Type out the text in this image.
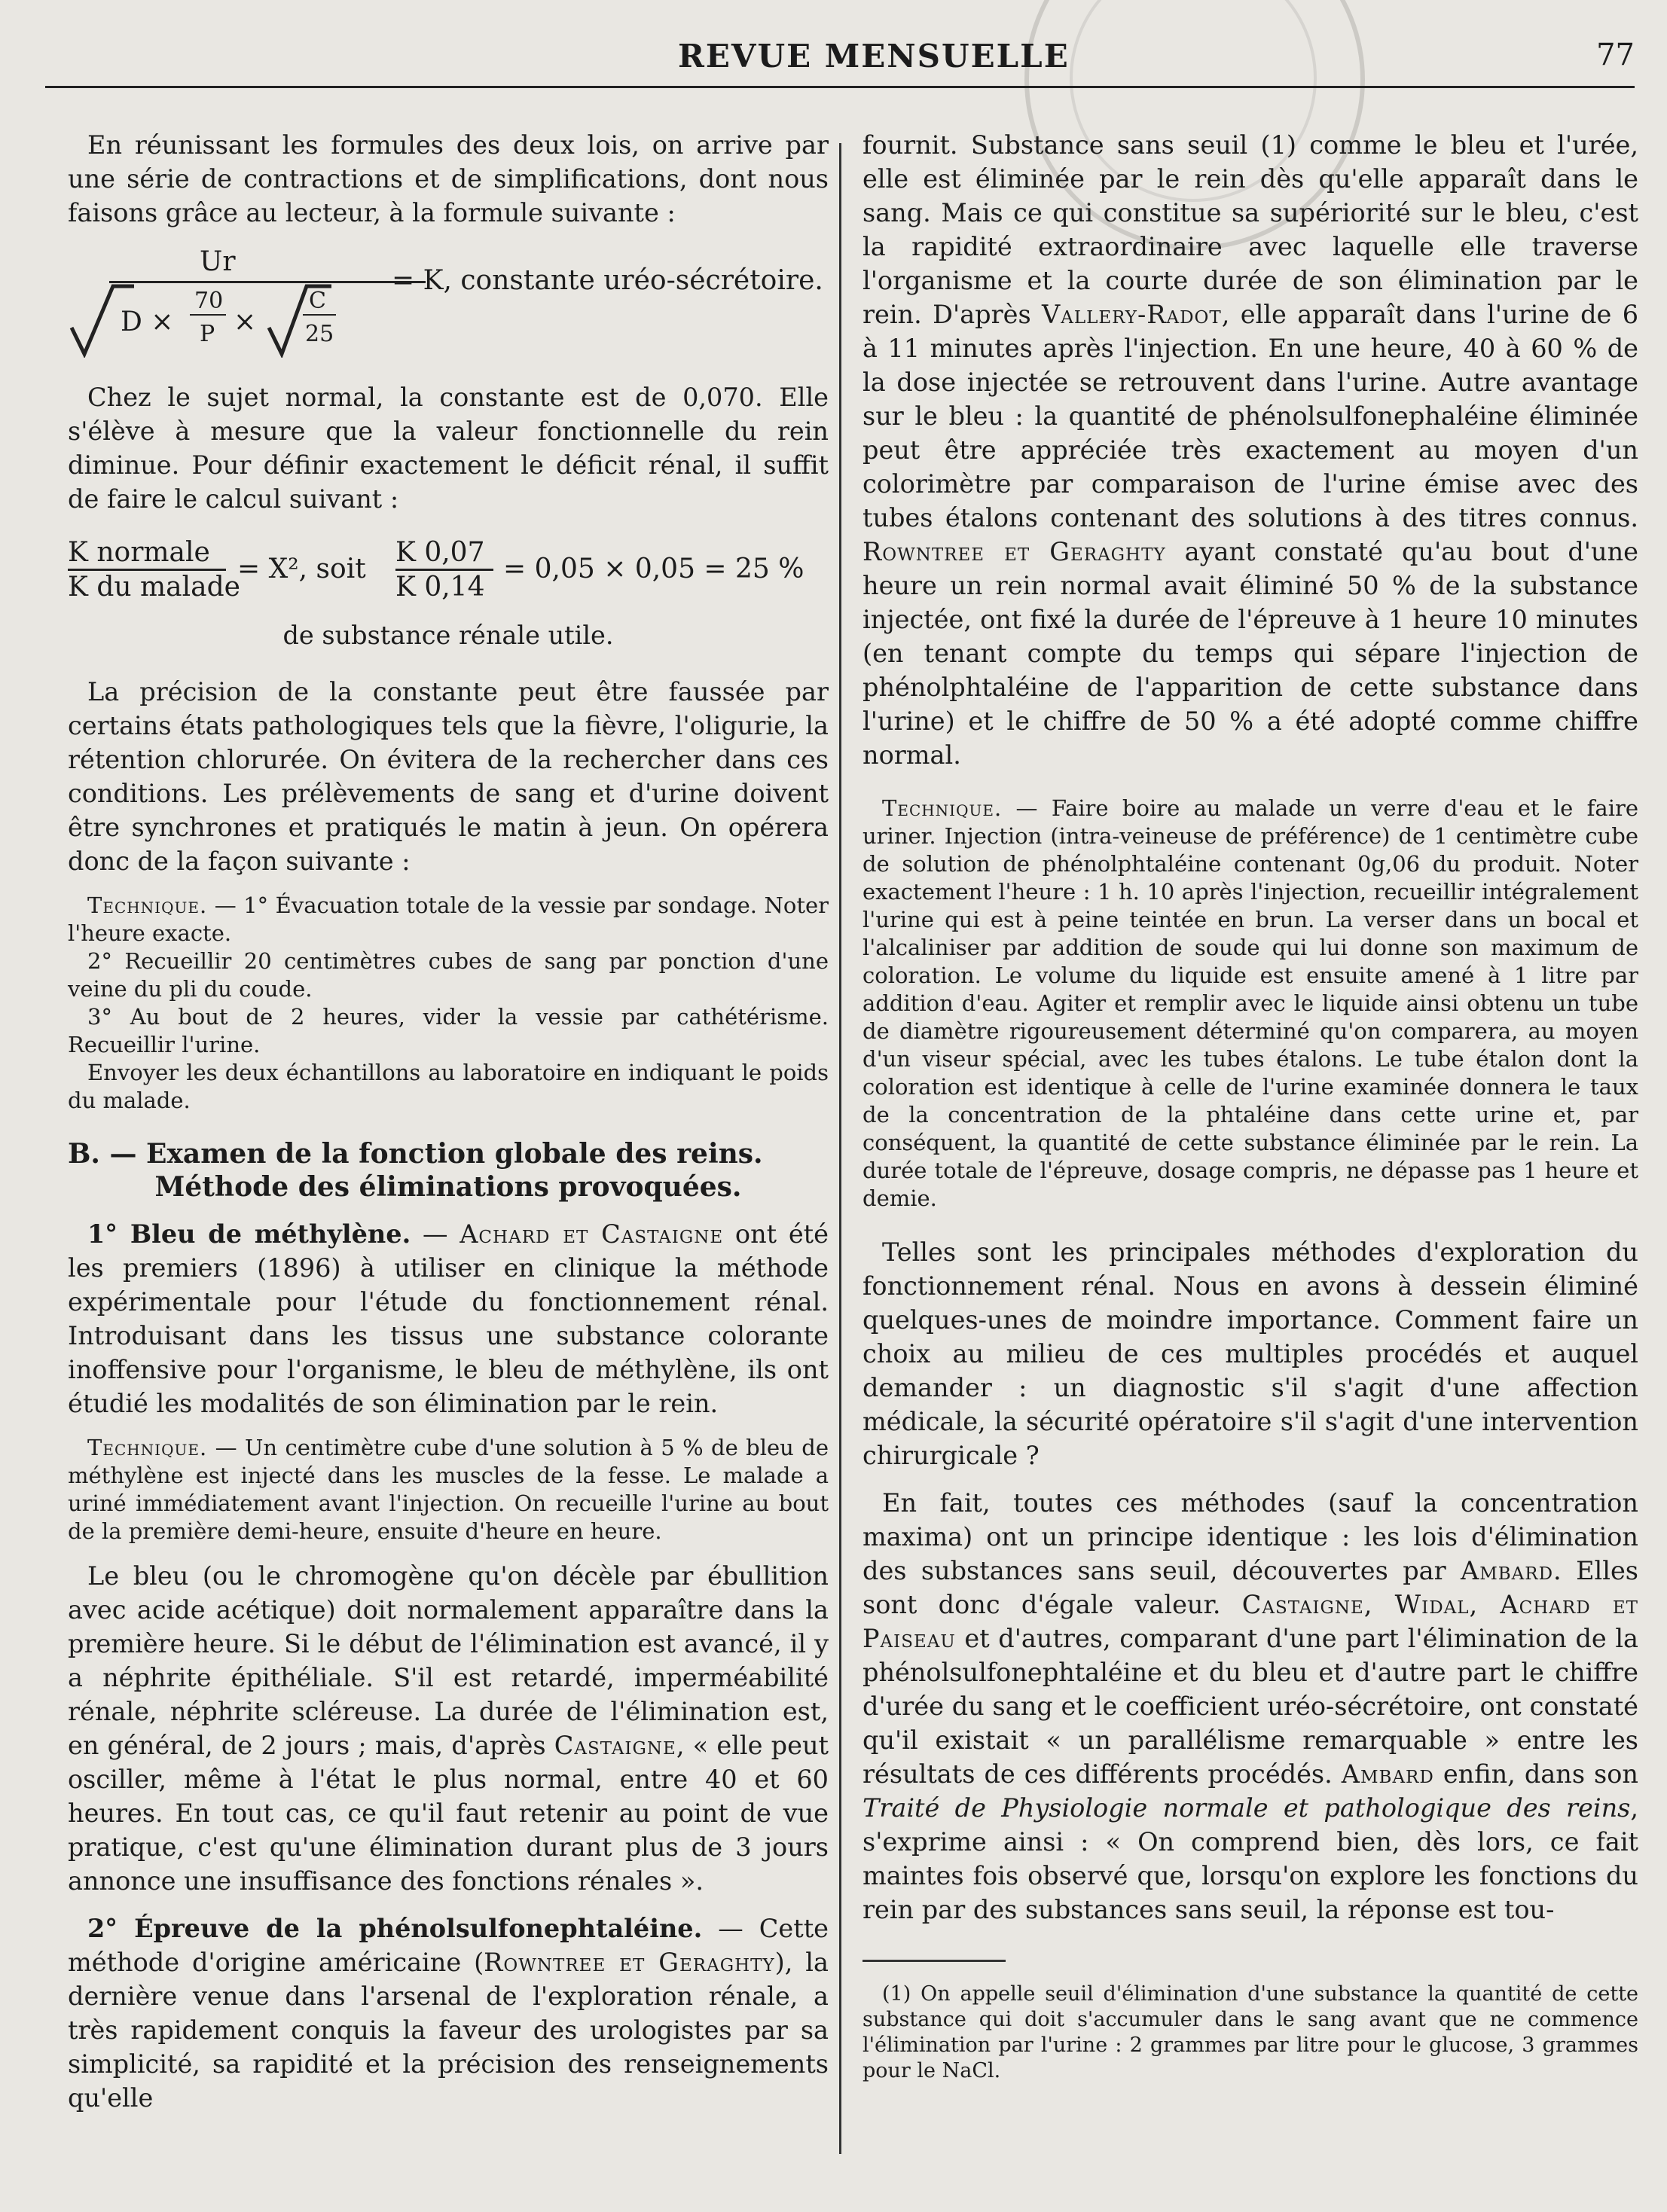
REVUE MENSUELLE	77

En réunissant les formules des deux lois, on arrive par une série de contractions et de simplifications, dont nous faisons grâce au lecteur, à la formule suivante :

Ur
D ×
70
P ×
C
25
= K, constante uréo-sécrétoire.

Chez le sujet normal, la constante est de 0,070. Elle s'élève à mesure que la valeur fonctionnelle du rein diminue. Pour définir exactement le déficit rénal, il suffit de faire le calcul suivant :

K normale
K du malade
= X², soit
K 0,07
K 0,14
= 0,05 × 0,05 = 25 %

de substance rénale utile.

La précision de la constante peut être faussée par certains états pathologiques tels que la fièvre, l'oligurie, la rétention chlorurée. On évitera de la rechercher dans ces conditions. Les prélèvements de sang et d'urine doivent être synchrones et pratiqués le matin à jeun. On opérera donc de la façon suivante :

Technique. — 1° Évacuation totale de la vessie par sondage. Noter l'heure exacte.

2° Recueillir 20 centimètres cubes de sang par ponction d'une veine du pli du coude.

3° Au bout de 2 heures, vider la vessie par cathétérisme. Recueillir l'urine.

Envoyer les deux échantillons au laboratoire en indiquant le poids du malade.

B. — Examen de la fonction globale des reins.

Méthode des éliminations provoquées.

1° Bleu de méthylène. — Achard et Castaigne ont été les premiers (1896) à utiliser en clinique la méthode expérimentale pour l'étude du fonctionnement rénal. Introduisant dans les tissus une substance colorante inoffensive pour l'organisme, le bleu de méthylène, ils ont étudié les modalités de son élimination par le rein.

Technique. — Un centimètre cube d'une solution à 5 % de bleu de méthylène est injecté dans les muscles de la fesse. Le malade a uriné immédiatement avant l'injection. On recueille l'urine au bout de la première demi-heure, ensuite d'heure en heure.

Le bleu (ou le chromogène qu'on décèle par ébullition avec acide acétique) doit normalement apparaître dans la première heure. Si le début de l'élimination est avancé, il y a néphrite épithéliale. S'il est retardé, imperméabilité rénale, néphrite scléreuse. La durée de l'élimination est, en général, de 2 jours ; mais, d'après Castaigne, « elle peut osciller, même à l'état le plus normal, entre 40 et 60 heures. En tout cas, ce qu'il faut retenir au point de vue pratique, c'est qu'une élimination durant plus de 3 jours annonce une insuffisance des fonctions rénales ».

2° Épreuve de la phénolsulfonephtaléine. — Cette méthode d'origine américaine (Rowntree et Geraghty), la dernière venue dans l'arsenal de l'exploration rénale, a très rapidement conquis la faveur des urologistes par sa simplicité, sa rapidité et la précision des renseignements qu'elle

fournit. Substance sans seuil (1) comme le bleu et l'urée, elle est éliminée par le rein dès qu'elle apparaît dans le sang. Mais ce qui constitue sa supériorité sur le bleu, c'est la rapidité extraordinaire avec laquelle elle traverse l'organisme et la courte durée de son élimination par le rein. D'après Vallery-Radot, elle apparaît dans l'urine de 6 à 11 minutes après l'injection. En une heure, 40 à 60 % de la dose injectée se retrouvent dans l'urine. Autre avantage sur le bleu : la quantité de phénolsulfonephaléine éliminée peut être appréciée très exactement au moyen d'un colorimètre par comparaison de l'urine émise avec des tubes étalons contenant des solutions à des titres connus. Rowntree et Geraghty ayant constaté qu'au bout d'une heure un rein normal avait éliminé 50 % de la substance injectée, ont fixé la durée de l'épreuve à 1 heure 10 minutes (en tenant compte du temps qui sépare l'injection de phénolphtaléine de l'apparition de cette substance dans l'urine) et le chiffre de 50 % a été adopté comme chiffre normal.

Technique. — Faire boire au malade un verre d'eau et le faire uriner. Injection (intra-veineuse de préférence) de 1 centimètre cube de solution de phénolphtaléine contenant 0g,06 du produit. Noter exactement l'heure : 1 h. 10 après l'injection, recueillir intégralement l'urine qui est à peine teintée en brun. La verser dans un bocal et l'alcaliniser par addition de soude qui lui donne son maximum de coloration. Le volume du liquide est ensuite amené à 1 litre par addition d'eau. Agiter et remplir avec le liquide ainsi obtenu un tube de diamètre rigoureusement déterminé qu'on comparera, au moyen d'un viseur spécial, avec les tubes étalons. Le tube étalon dont la coloration est identique à celle de l'urine examinée donnera le taux de la concentration de la phtaléine dans cette urine et, par conséquent, la quantité de cette substance éliminée par le rein. La durée totale de l'épreuve, dosage compris, ne dépasse pas 1 heure et demie.

Telles sont les principales méthodes d'exploration du fonctionnement rénal. Nous en avons à dessein éliminé quelques-unes de moindre importance. Comment faire un choix au milieu de ces multiples procédés et auquel demander : un diagnostic s'il s'agit d'une affection médicale, la sécurité opératoire s'il s'agit d'une intervention chirurgicale ?

En fait, toutes ces méthodes (sauf la concentration maxima) ont un principe identique : les lois d'élimination des substances sans seuil, découvertes par Ambard. Elles sont donc d'égale valeur. Castaigne, Widal, Achard et Paiseau et d'autres, comparant d'une part l'élimination de la phénolsulfonephtaléine et du bleu et d'autre part le chiffre d'urée du sang et le coefficient uréo-sécrétoire, ont constaté qu'il existait « un parallélisme remarquable » entre les résultats de ces différents procédés. Ambard enfin, dans son Traité de Physiologie normale et pathologique des reins, s'exprime ainsi : « On comprend bien, dès lors, ce fait maintes fois observé que, lorsqu'on explore les fonctions du rein par des substances sans seuil, la réponse est tou-

(1) On appelle seuil d'élimination d'une substance la quantité de cette substance qui doit s'accumuler dans le sang avant que ne commence l'élimination par l'urine : 2 grammes par litre pour le glucose, 3 grammes pour le NaCl.
